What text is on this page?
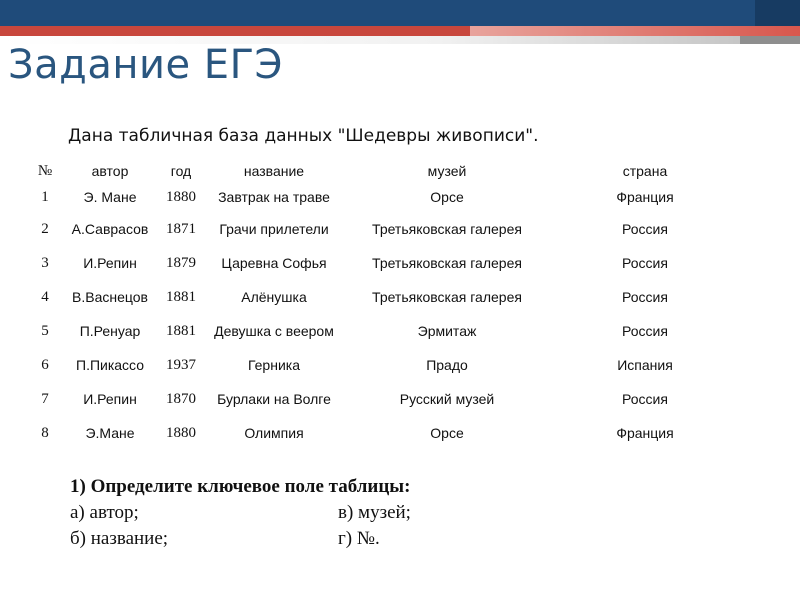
Задание ЕГЭ
Дана табличная база данных "Шедевры живописи".
№	автор	год	название	музей	страна
1	Э. Мане	1880	Завтрак на траве	Орсе	Франция
2	А.Саврасов	1871	Грачи прилетели	Третьяковская галерея	Россия
3	И.Репин	1879	Царевна Софья	Третьяковская галерея	Россия
4	В.Васнецов	1881	Алёнушка	Третьяковская галерея	Россия
5	П.Ренуар	1881	Девушка с веером	Эрмитаж	Россия
6	П.Пикассо	1937	Герника	Прадо	Испания
7	И.Репин	1870	Бурлаки на Волге	Русский музей	Россия
8	Э.Мане	1880	Олимпия	Орсе	Франция

1) Определите ключевое поле таблицы:

а) автор;	в) музей;
б) название;	г) №.
